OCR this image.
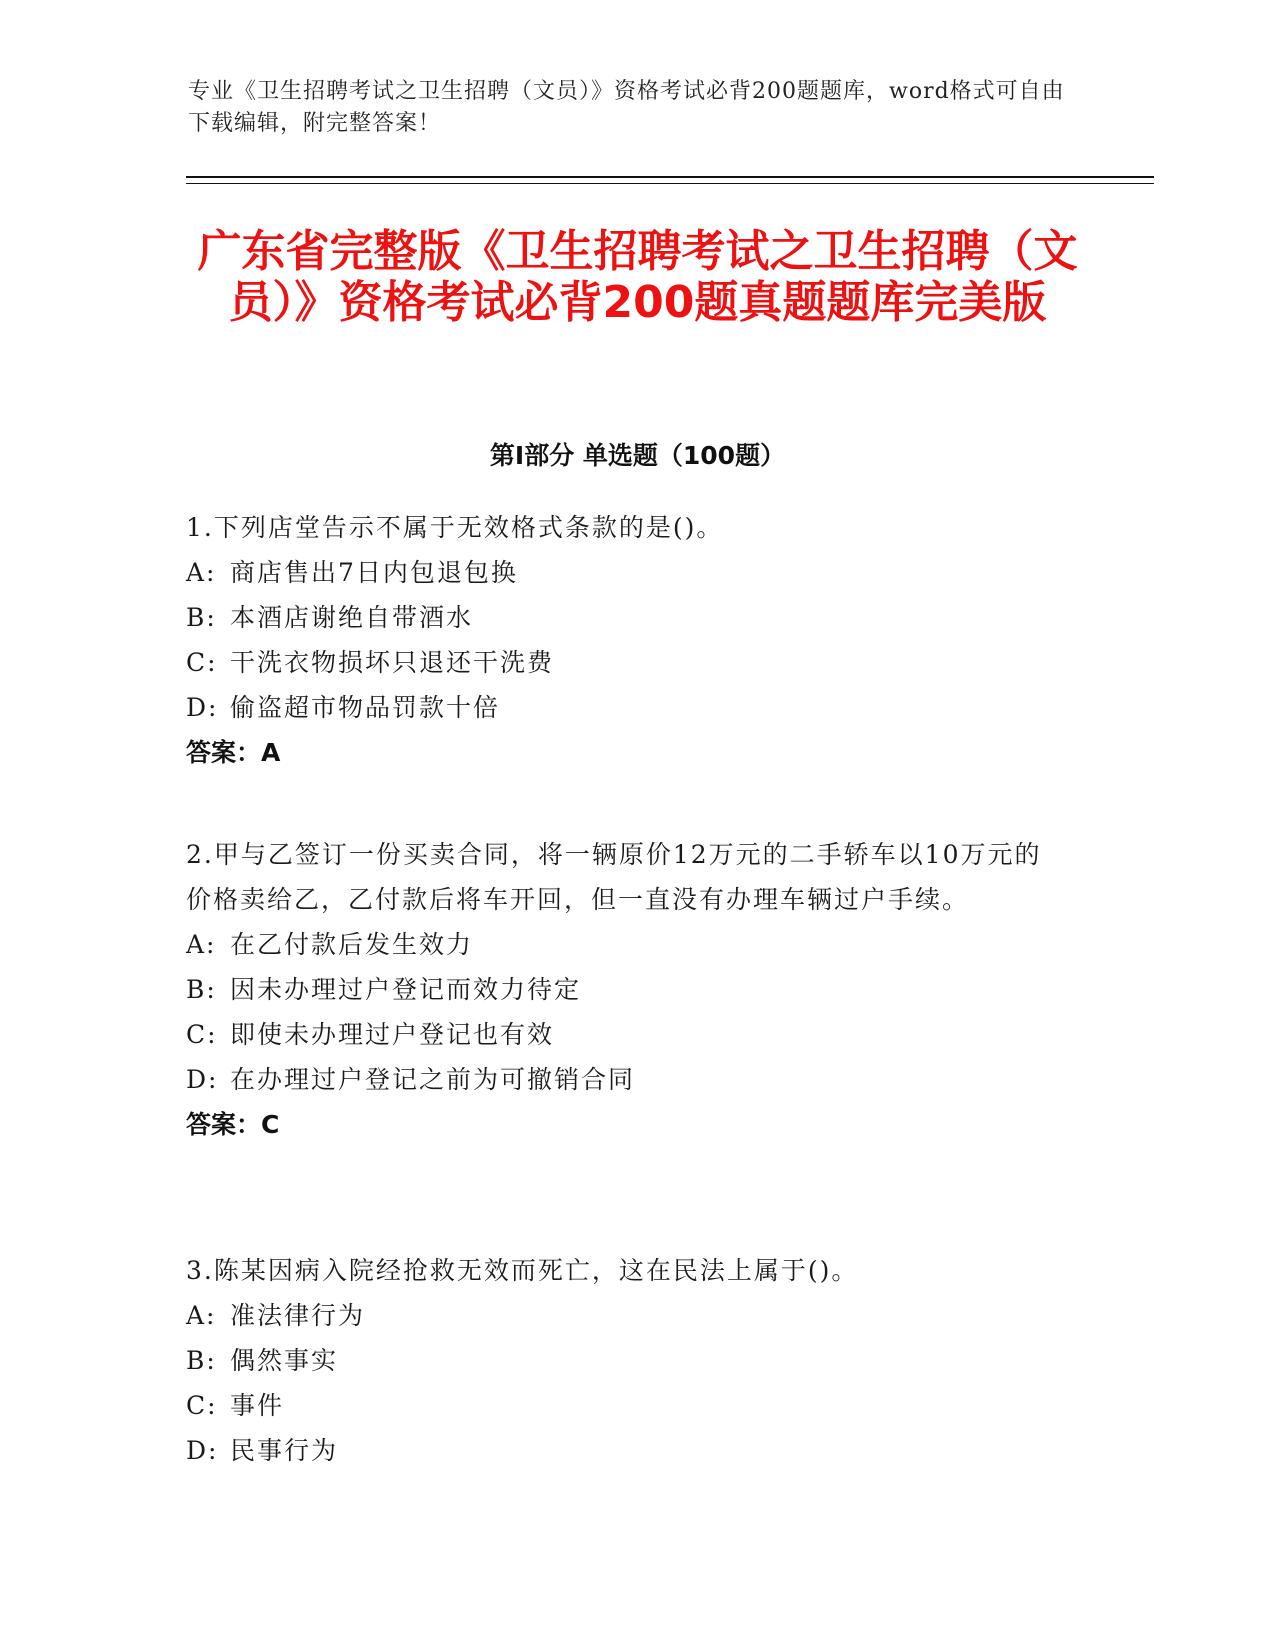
专业《卫生招聘考试之卫生招聘（文员）》资格考试必背200题题库，word格式可自由下载编辑，附完整答案！
广东省完整版《卫生招聘考试之卫生招聘（文员）》资格考试必背200题真题题库完美版
第Ⅰ部分 单选题（100题）

1.下列店堂告示不属于无效格式条款的是()。

A: 商店售出7日内包退包换

B: 本酒店谢绝自带酒水

C: 干洗衣物损坏只退还干洗费

D: 偷盗超市物品罚款十倍

答案：A

2.甲与乙签订一份买卖合同，将一辆原价12万元的二手轿车以10万元的价格卖给乙，乙付款后将车开回，但一直没有办理车辆过户手续。

A: 在乙付款后发生效力

B: 因未办理过户登记而效力待定

C: 即使未办理过户登记也有效

D: 在办理过户登记之前为可撤销合同

答案：C

3.陈某因病入院经抢救无效而死亡，这在民法上属于()。

A: 准法律行为

B: 偶然事实

C: 事件

D: 民事行为
